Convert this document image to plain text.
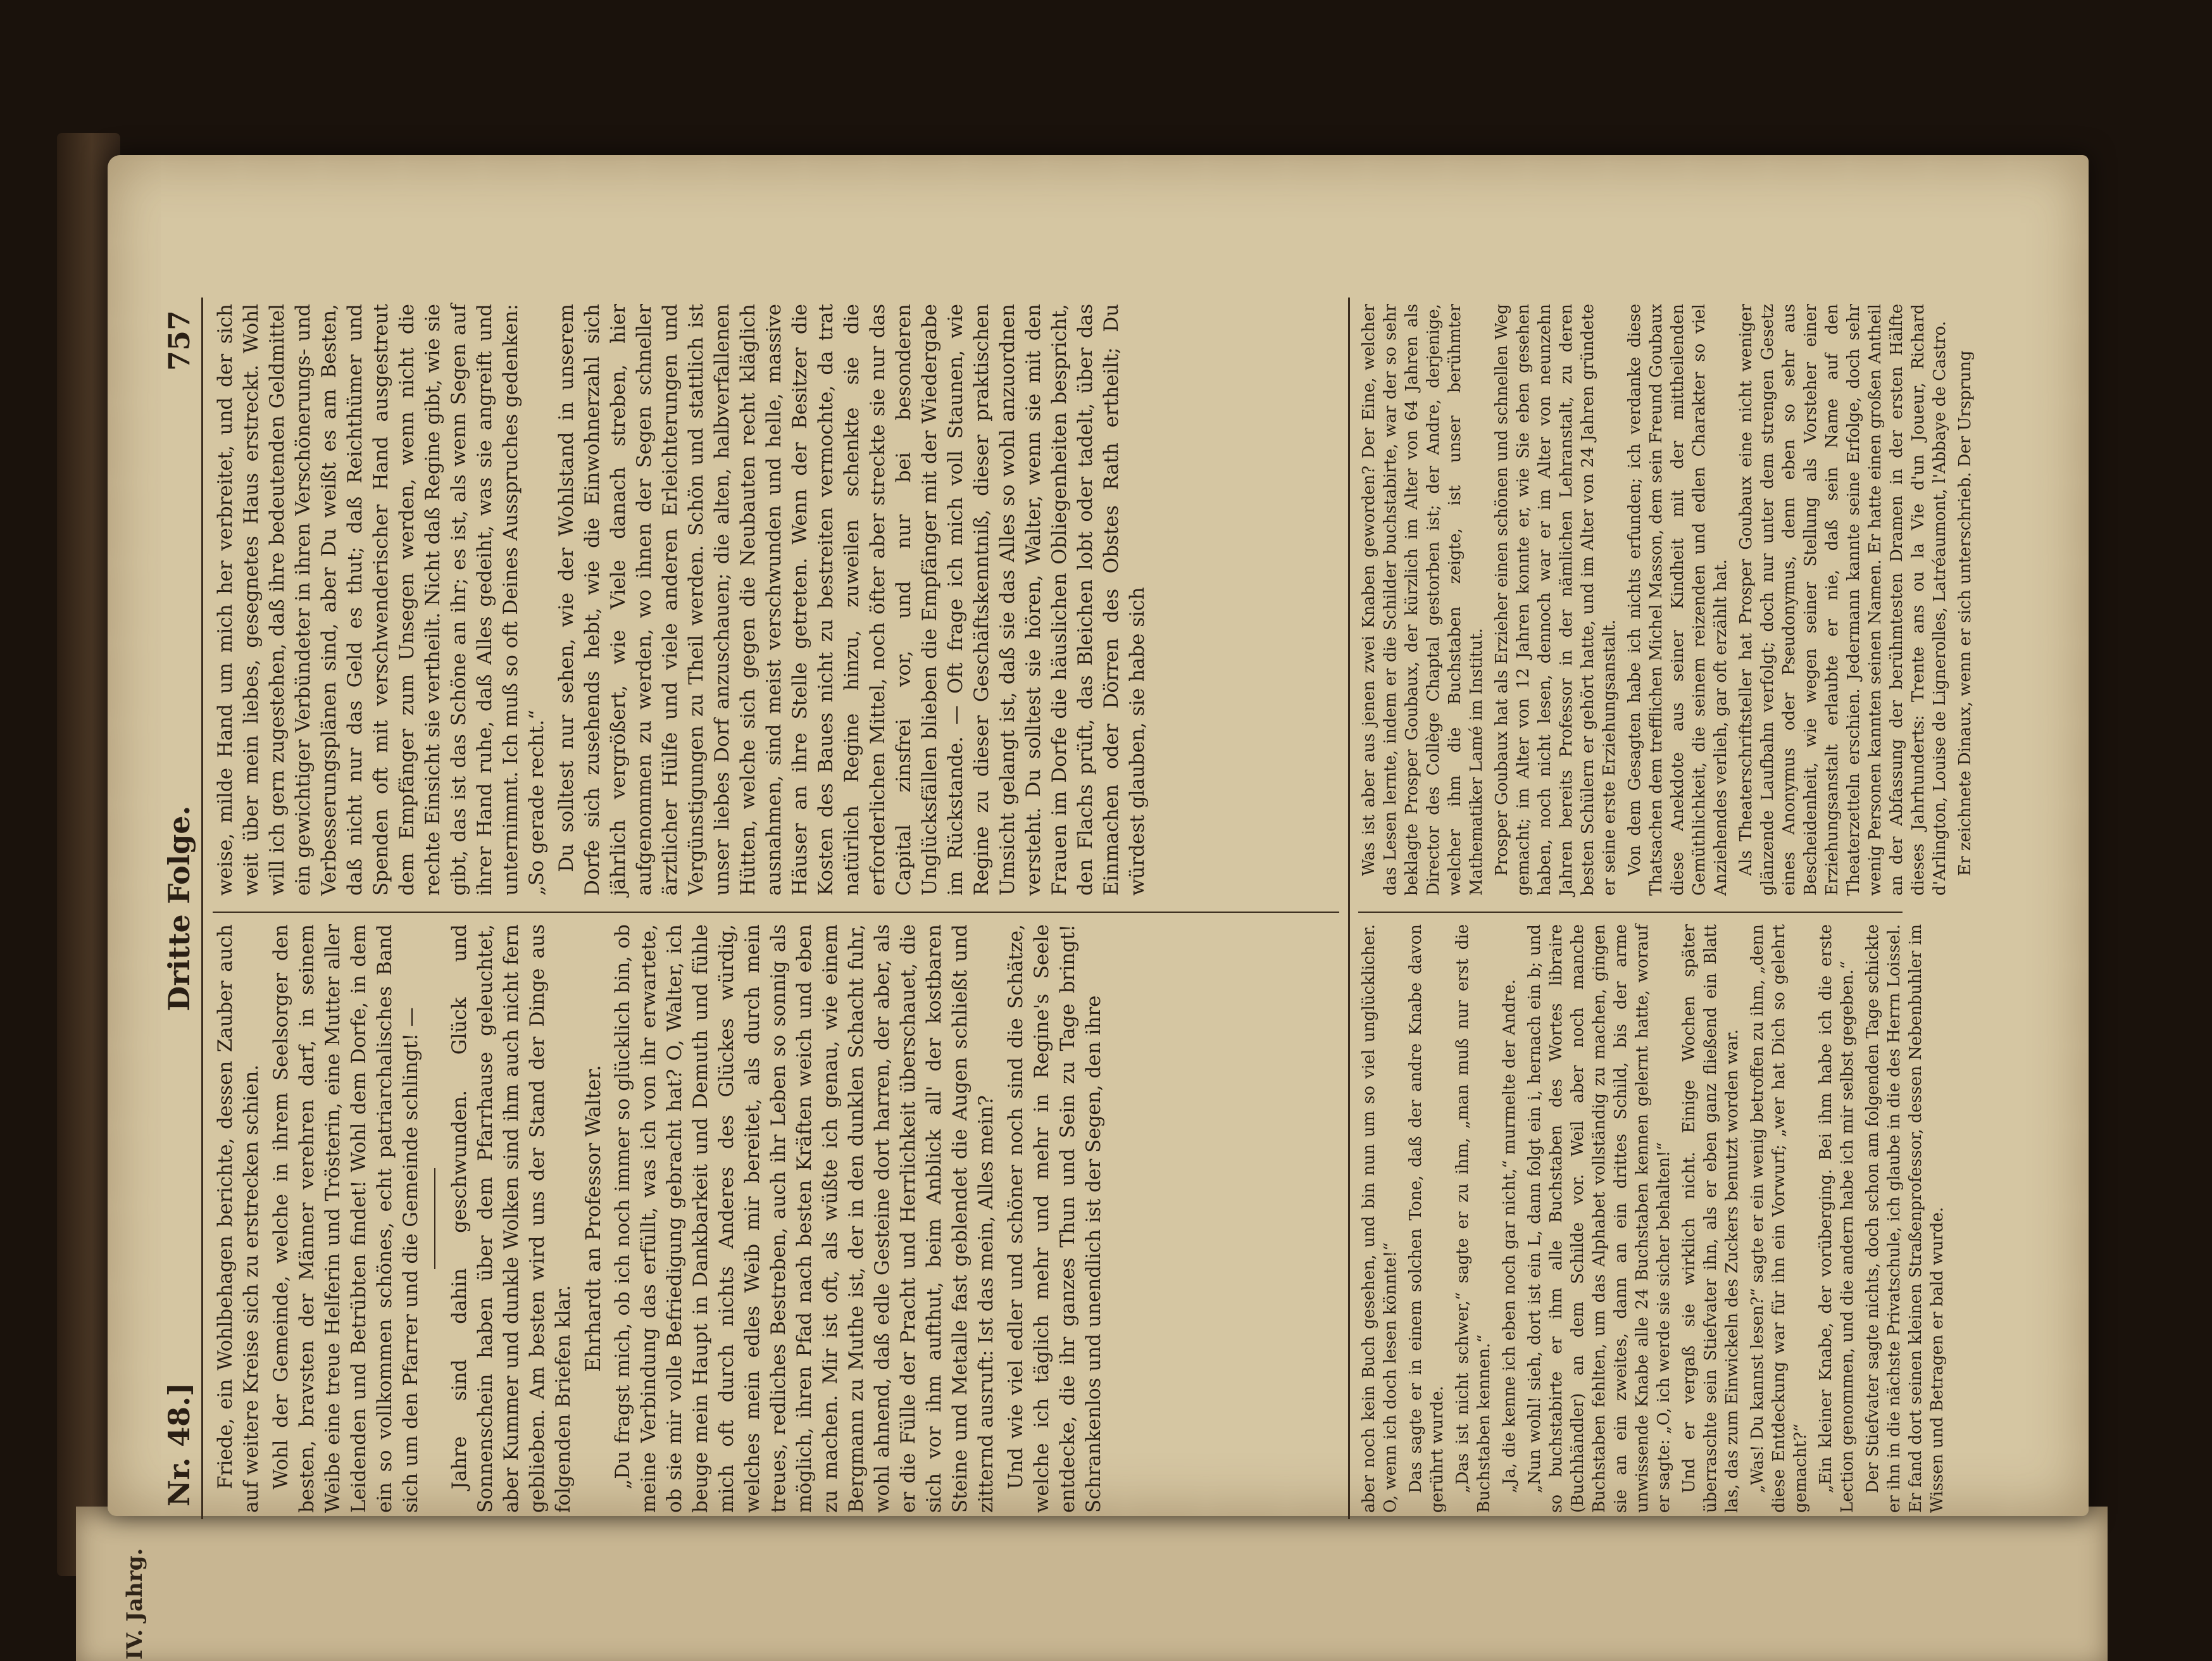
IV. Jahrg.
Nr. 48.]
Dritte Folge.
757

Friede, ein Wohlbehagen berichte, dessen Zauber auch auf weitere Kreise sich zu erstrecken schien. Wohl der Gemeinde, welche in ihrem Seelsorger den besten, bravsten der Männer verehren darf, in seinem Weibe eine treue Helferin und Trösterin, eine Mutter aller Leidenden und Betrübten findet! Wohl dem Dorfe, in dem ein so vollkommen schönes, echt patriarchalisches Band sich um den Pfarrer und die Gemeinde schlingt! — Jahre sind dahin geschwunden. Glück und Sonnenschein haben über dem Pfarrhause geleuchtet, aber Kummer und dunkle Wolken sind ihm auch nicht fern geblieben. Am besten wird uns der Stand der Dinge aus folgenden Briefen klar.

Ehrhardt an Professor Walter. „Du fragst mich, ob ich noch immer so glücklich bin, ob meine Verbindung das erfüllt, was ich von ihr erwartete, ob sie mir volle Befriedigung gebracht hat? O, Walter, ich beuge mein Haupt in Dankbarkeit und Demuth und fühle mich oft durch nichts Anderes des Glückes würdig, welches mein edles Weib mir bereitet, als durch mein treues, redliches Bestreben, auch ihr Leben so sonnig als möglich, ihren Pfad nach besten Kräften weich und eben zu machen. Mir ist oft, als wüßte ich genau, wie einem Bergmann zu Muthe ist, der in den dunklen Schacht fuhr, wohl ahnend, daß edle Gesteine dort harren, der aber, als er die Fülle der Pracht und Herrlichkeit überschauet, die sich vor ihm aufthut, beim Anblick all' der kostbaren Steine und Metalle fast geblendet die Augen schließt und zitternd ausruft: Ist das mein, Alles mein? Und wie viel edler und schöner noch sind die Schätze, welche ich täglich mehr und mehr in Regine's Seele entdecke, die ihr ganzes Thun und Sein zu Tage bringt! Schrankenlos und unendlich ist der Segen, den ihre

weise, milde Hand um mich her verbreitet, und der sich weit über mein liebes, gesegnetes Haus erstreckt. Wohl will ich gern zugestehen, daß ihre bedeutenden Geldmittel ein gewichtiger Verbündeter in ihren Verschönerungs- und Verbesserungsplänen sind, aber Du weißt es am Besten, daß nicht nur das Geld es thut; daß Reichthümer und Spenden oft mit verschwenderischer Hand ausgestreut dem Empfänger zum Unsegen werden, wenn nicht die rechte Einsicht sie vertheilt. Nicht daß Regine gibt, wie sie gibt, das ist das Schöne an ihr; es ist, als wenn Segen auf ihrer Hand ruhe, daß Alles gedeiht, was sie angreift und unternimmt. Ich muß so oft Deines Ausspruches gedenken: „So gerade recht.“ Du solltest nur sehen, wie der Wohlstand in unserem Dorfe sich zusehends hebt, wie die Einwohnerzahl sich jährlich vergrößert, wie Viele danach streben, hier aufgenommen zu werden, wo ihnen der Segen schneller ärztlicher Hülfe und viele anderen Erleichterungen und Vergünstigungen zu Theil werden. Schön und stattlich ist unser liebes Dorf anzuschauen; die alten, halbverfallenen Hütten, welche sich gegen die Neubauten recht kläglich ausnahmen, sind meist verschwunden und helle, massive Häuser an ihre Stelle getreten. Wenn der Besitzer die Kosten des Baues nicht zu bestreiten vermochte, da trat natürlich Regine hinzu, zuweilen schenkte sie die erforderlichen Mittel, noch öfter aber streckte sie nur das Capital zinsfrei vor, und nur bei besonderen Unglücksfällen blieben die Empfänger mit der Wiedergabe im Rückstande. — Oft frage ich mich voll Staunen, wie Regine zu dieser Geschäftskenntniß, dieser praktischen Umsicht gelangt ist, daß sie das Alles so wohl anzuordnen versteht. Du solltest sie hören, Walter, wenn sie mit den Frauen im Dorfe die häuslichen Obliegenheiten bespricht, den Flachs prüft, das Bleichen lobt oder tadelt, über das Einmachen oder Dörren des Obstes Rath ertheilt; Du würdest glauben, sie habe sich

aber noch kein Buch gesehen, und bin nun um so viel unglücklicher. O, wenn ich doch lesen könnte!“ Das sagte er in einem solchen Tone, daß der andre Knabe davon gerührt wurde. „Das ist nicht schwer,“ sagte er zu ihm, „man muß nur erst die Buchstaben kennen.“ „Ja, die kenne ich eben noch gar nicht,“ murmelte der Andre. „Nun wohl! sieh, dort ist ein L, dann folgt ein i, hernach ein b; und so buchstabirte er ihm alle Buchstaben des Wortes libraire (Buchhändler) an dem Schilde vor. Weil aber noch manche Buchstaben fehlten, um das Alphabet vollständig zu machen, gingen sie an ein zweites, dann an ein drittes Schild, bis der arme unwissende Knabe alle 24 Buchstaben kennen gelernt hatte, worauf er sagte: „O, ich werde sie sicher behalten!“ Und er vergaß sie wirklich nicht. Einige Wochen später überraschte sein Stiefvater ihn, als er eben ganz fließend ein Blatt las, das zum Einwickeln des Zuckers benutzt worden war. „Was! Du kannst lesen?“ sagte er ein wenig betroffen zu ihm, „denn diese Entdeckung war für ihn ein Vorwurf; „wer hat Dich so gelehrt gemacht?“ „Ein kleiner Knabe, der vorüberging. Bei ihm habe ich die erste Lection genommen, und die andern habe ich mir selbst gegeben.“ Der Stiefvater sagte nichts, doch schon am folgenden Tage schickte er ihn in die nächste Privatschule, ich glaube in die des Herrn Loissel. Er fand dort seinen kleinen Straßenprofessor, dessen Nebenbuhler im Wissen und Betragen er bald wurde.

Was ist aber aus jenen zwei Knaben geworden? Der Eine, welcher das Lesen lernte, indem er die Schilder buchstabirte, war der so sehr beklagte Prosper Goubaux, der kürzlich im Alter von 64 Jahren als Director des Collège Chaptal gestorben ist; der Andre, derjenige, welcher ihm die Buchstaben zeigte, ist unser berühmter Mathematiker Lamé im Institut. Prosper Goubaux hat als Erzieher einen schönen und schnellen Weg gemacht; im Alter von 12 Jahren konnte er, wie Sie eben gesehen haben, noch nicht lesen, dennoch war er im Alter von neunzehn Jahren bereits Professor in der nämlichen Lehranstalt, zu deren besten Schülern er gehört hatte, und im Alter von 24 Jahren gründete er seine erste Erziehungsanstalt. Von dem Gesagten habe ich nichts erfunden; ich verdanke diese Thatsachen dem trefflichen Michel Masson, dem sein Freund Goubaux diese Anekdote aus seiner Kindheit mit der mittheilenden Gemüthlichkeit, die seinem reizenden und edlen Charakter so viel Anziehendes verlieh, gar oft erzählt hat. Als Theaterschriftsteller hat Prosper Goubaux eine nicht weniger glänzende Laufbahn verfolgt; doch nur unter dem strengen Gesetz eines Anonymus oder Pseudonymus, denn eben so sehr aus Bescheidenheit, wie wegen seiner Stellung als Vorsteher einer Erziehungsanstalt erlaubte er nie, daß sein Name auf den Theaterzetteln erschien. Jedermann kannte seine Erfolge, doch sehr wenig Personen kannten seinen Namen. Er hatte einen großen Antheil an der Abfassung der berühmtesten Dramen in der ersten Hälfte dieses Jahrhunderts: Trente ans ou la Vie d'un Joueur, Richard d'Arlington, Louise de Lignerolles, Latréaumont, l'Abbaye de Castro. Er zeichnete Dinaux, wenn er sich unterschrieb. Der Ursprung
